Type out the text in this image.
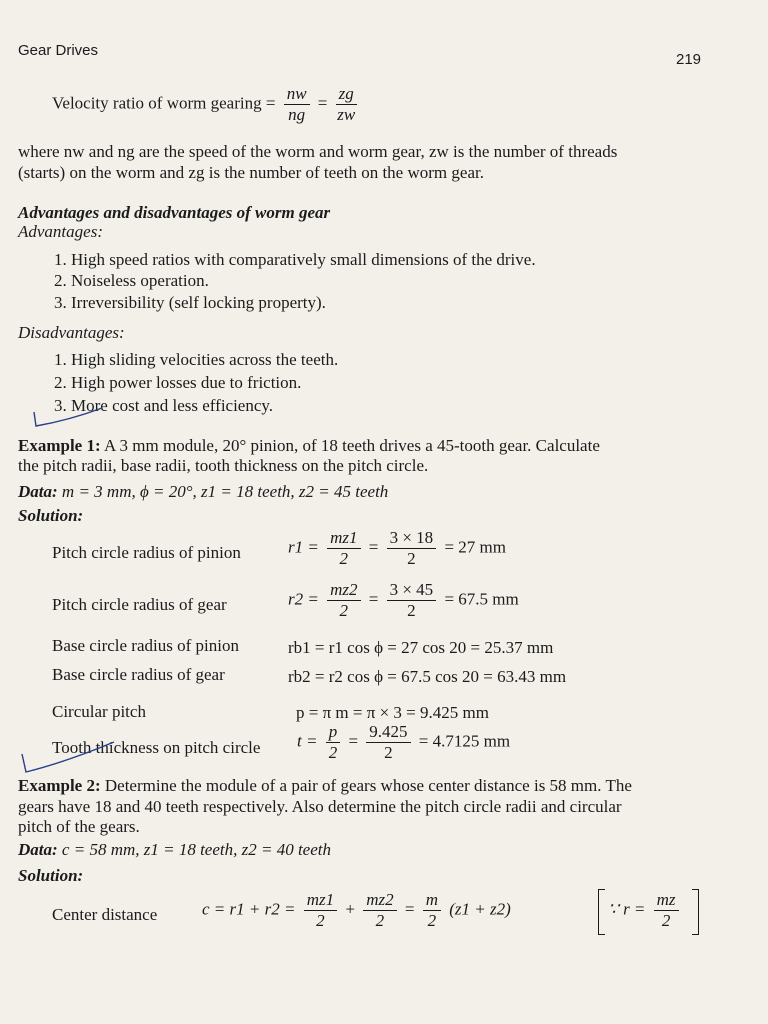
Gear Drives
219
Velocity ratio of worm gearing = $\frac{nw}{ng} = \frac{zg}{zw}$
where nw and ng are the speed of the worm and worm gear, zw is the number of threads
(starts) on the worm and zg is the number of teeth on the worm gear.
Advantages and disadvantages of worm gear
Advantages:
1. High speed ratios with comparatively small dimensions of the drive.
2. Noiseless operation.
3. Irreversibility (self locking property).
Disadvantages:
1. High sliding velocities across the teeth.
2. High power losses due to friction.
3. More cost and less efficiency.
Example 1: A 3 mm module, 20° pinion, of 18 teeth drives a 45-tooth gear. Calculate
the pitch radii, base radii, tooth thickness on the pitch circle.
Data: m = 3 mm, ϕ = 20°, z1 = 18 teeth, z2 = 45 teeth
Solution:
Pitch circle radius of pinion	$r1 = \frac{mz1}{2} = \frac{3 \times 18}{2} = 27$ mm
Pitch circle radius of gear	$r2 = \frac{mz2}{2} = \frac{3 \times 45}{2} = 67.5$ mm
Base circle radius of pinion	rb1 = r1 cos ϕ = 27 cos 20 = 25.37 mm
Base circle radius of gear	rb2 = r2 cos ϕ = 67.5 cos 20 = 63.43 mm
Circular pitch	p = π m = π × 3 = 9.425 mm
Tooth thickness on pitch circle $t = \frac{p}{2} = \frac{9.425}{2} = 4.7125$ mm
Example 2: Determine the module of a pair of gears whose center distance is 58 mm. The
gears have 18 and 40 teeth respectively. Also determine the pitch circle radii and circular
pitch of the gears.
Data: c = 58 mm, z1 = 18 teeth, z2 = 40 teeth
Solution:
Center distance	$c = r1 + r2 = \frac{mz1}{2} + \frac{mz2}{2} = \frac{m}{2} (z1 + z2)$	∵ $r = \frac{mz}{2}$
